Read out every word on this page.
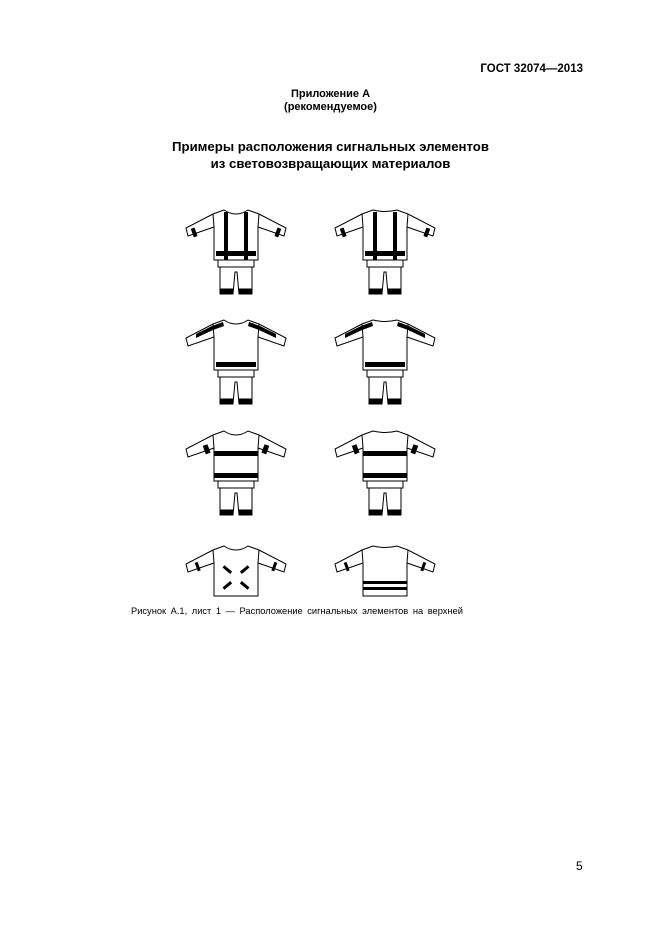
ГОСТ 32074—2013
Приложение А
(рекомендуемое)
Примеры расположения сигнальных элементов
из световозвращающих материалов
Рисунок А.1, лист 1 — Расположение сигнальных элементов на верхней
5
